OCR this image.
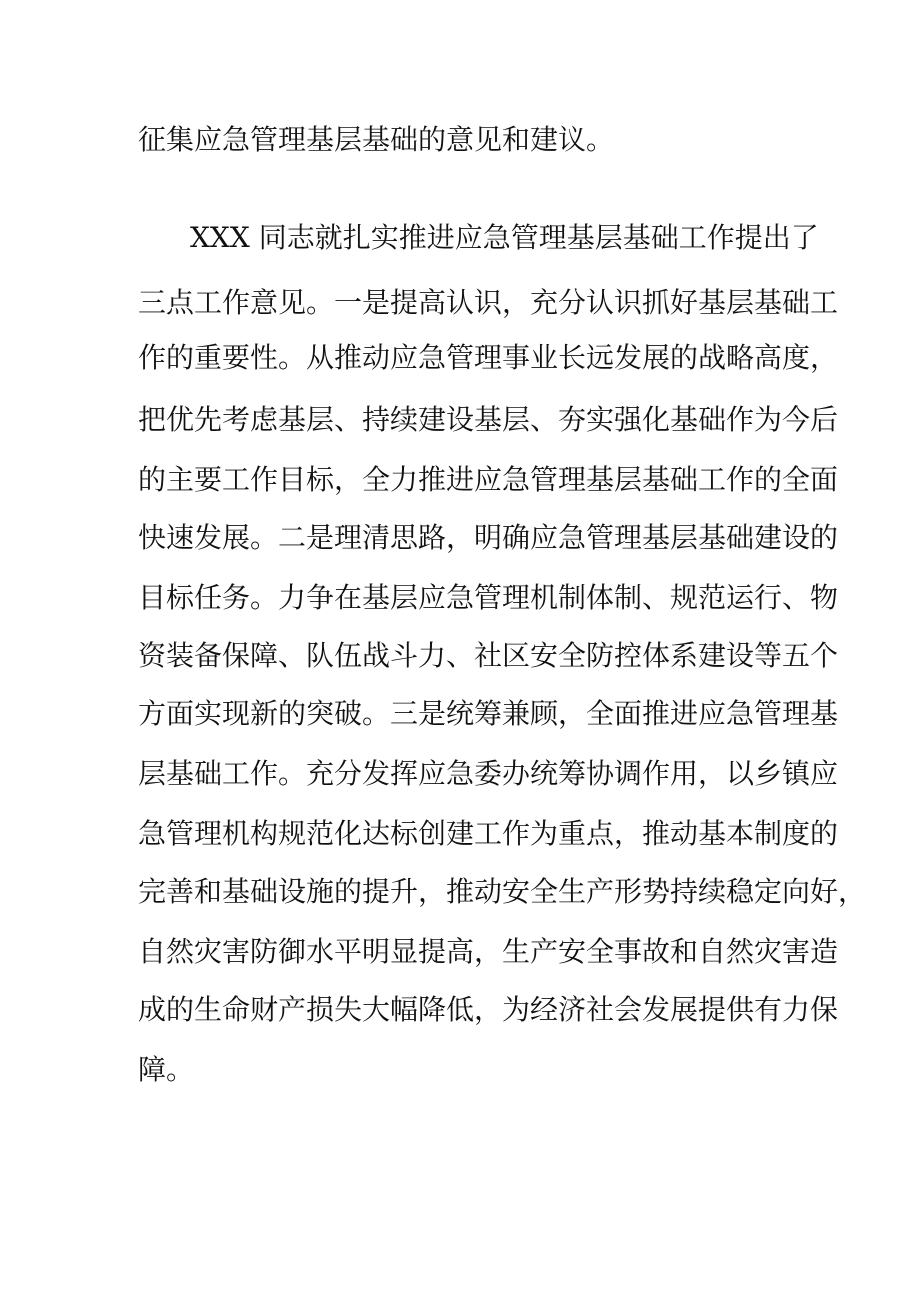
征集应急管理基层基础的意见和建议。
XXX 同志就扎实推进应急管理基层基础工作提出了
三点工作意见。一是提高认识，充分认识抓好基层基础工
作的重要性。从推动应急管理事业长远发展的战略高度，
把优先考虑基层、持续建设基层、夯实强化基础作为今后
的主要工作目标，全力推进应急管理基层基础工作的全面
快速发展。二是理清思路，明确应急管理基层基础建设的
目标任务。力争在基层应急管理机制体制、规范运行、物
资装备保障、队伍战斗力、社区安全防控体系建设等五个
方面实现新的突破。三是统筹兼顾，全面推进应急管理基
层基础工作。充分发挥应急委办统筹协调作用，以乡镇应
急管理机构规范化达标创建工作为重点，推动基本制度的
完善和基础设施的提升，推动安全生产形势持续稳定向好，
自然灾害防御水平明显提高，生产安全事故和自然灾害造
成的生命财产损失大幅降低，为经济社会发展提供有力保
障。
